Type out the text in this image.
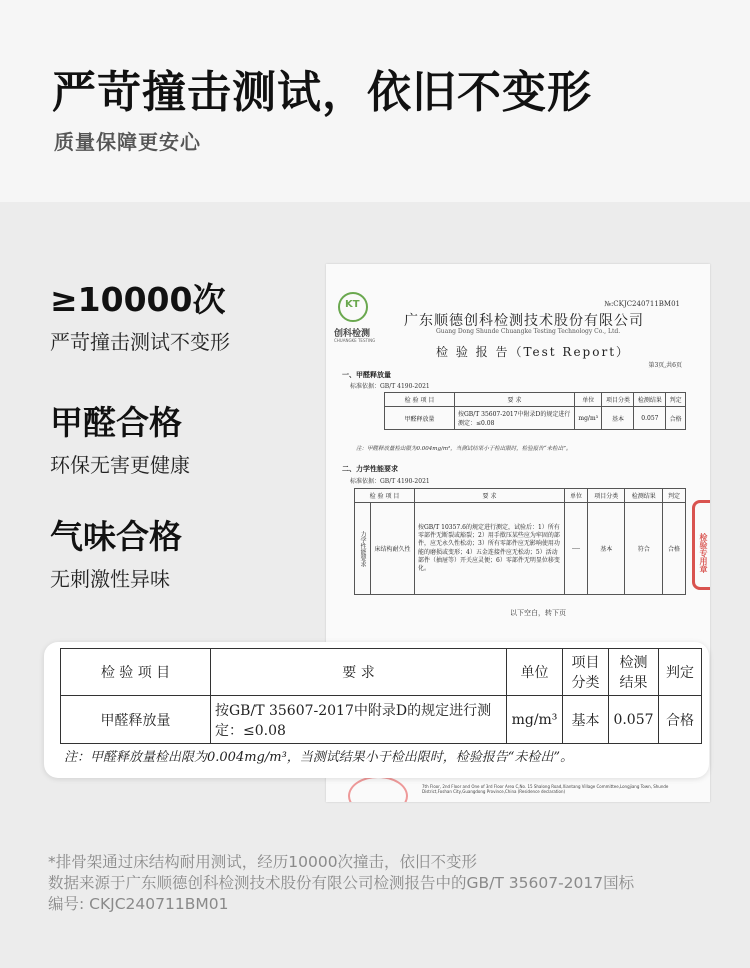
严苛撞击测试，依旧不变形
质量保障更安心
≥10000次
严苛撞击测试不变形
甲醛合格
环保无害更健康
气味合格
无刺激性异味
KT
创科检测
CHUANGKE TESTING
№:CKJC240711BM01
广东顺德创科检测技术股份有限公司
Guang Dong Shunde Chuangke Testing Technology Co., Ltd.
检 验 报 告（Test Report）
第3页,共6页
一、甲醛释放量
标准依据：GB/T 4190-2021
检 验 项 目	要 求	单位	项目分类	检测结果	判定
甲醛释放量	按GB/T 35607-2017中附录D的规定进行测定：≤0.08	mg/m³	基本	0.057	合格
注：甲醛释放量检出限为0.004mg/m³，当测试结果小于检出限时，检验报告“未检出”。
二、力学性能要求
标准依据：GB/T 4190-2021
检 验 项 目		要 求	单位	项目分类	检测结果	判定
力学性能要求	床结构耐久性	按GB/T 10357.6的规定进行测定，试验后：1）所有零部件无断裂或豁裂；2）用手揿压某些应为牢固的部件，应无永久性松动；3）所有零部件应无影响使用功能的磨损或变形；4）五金连接件应无松动；5）活动部件（抽屉等）开关应灵便；6）零部件无明显位移变化。	----	基本	符合	合格
以下空白，转下页
检验专用章
7th Floor, 2nd Floor and One of 3rd Floor Area C,No. 15 Shalong Road,Xiantang Village Committee,Longjiang Town, Shunde District,Foshan City,Guangdong Province,China (Residence declaration)
检 验 项 目	要 求	单位	项目分类	检测结果	判定
甲醛释放量	按GB/T 35607-2017中附录D的规定进行测定：≤0.08	mg/m³	基本	0.057	合格
注：甲醛释放量检出限为0.004mg/m³，当测试结果小于检出限时，检验报告“未检出”。
*排骨架通过床结构耐用测试，经历10000次撞击，依旧不变形
数据来源于广东顺德创科检测技术股份有限公司检测报告中的GB/T 35607-2017国标
编号: CKJC240711BM01
